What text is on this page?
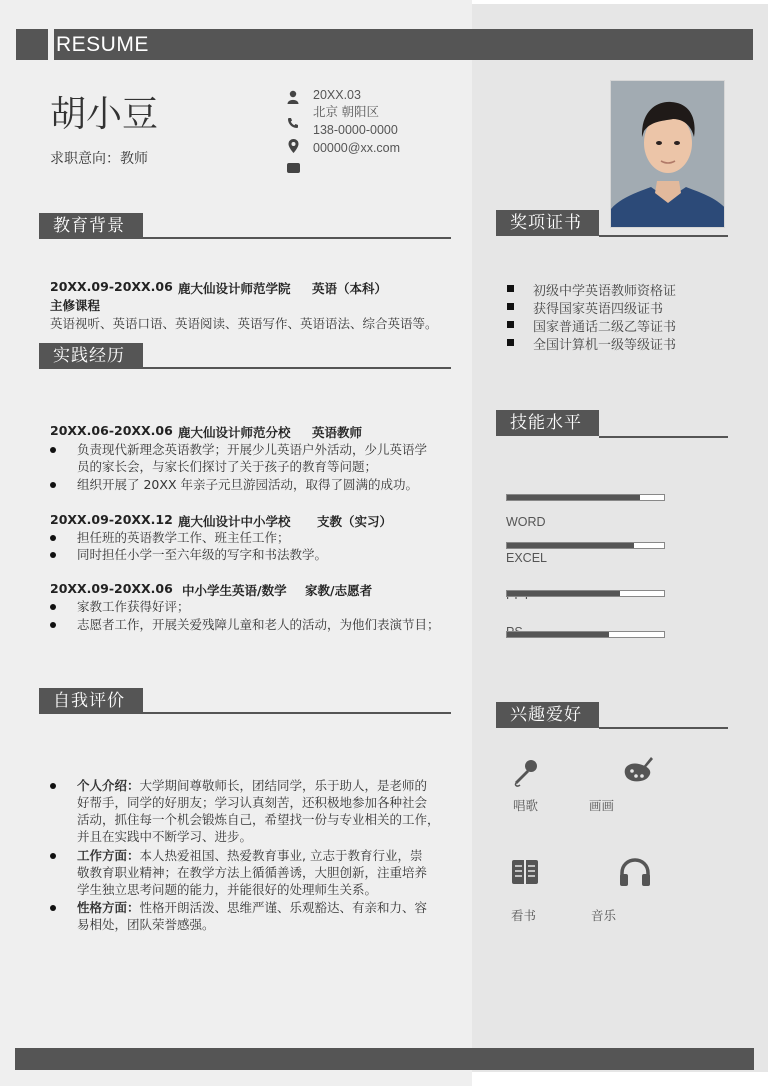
RESUME
胡小豆
求职意向：教师
20XX.03
北京 朝阳区
138-0000-0000
00000@xx.com
教育背景
20XX.09-20XX.06 鹿大仙设计师范学院 英语（本科）
主修课程
英语视听、英语口语、英语阅读、英语写作、英语语法、综合英语等。
实践经历
20XX.06-20XX.06 鹿大仙设计师范分校 英语教师
负责现代新理念英语教学；开展少儿英语户外活动，少儿英语学
员的家长会，与家长们探讨了关于孩子的教育等问题；
组织开展了 20XX 年亲子元旦游园活动，取得了圆满的成功。
20XX.09-20XX.12 鹿大仙设计中小学校 支教（实习）
担任班的英语教学工作、班主任工作；
同时担任小学一至六年级的写字和书法教学。
20XX.09-20XX.06 中小学生英语/数学 家教/志愿者
家教工作获得好评；
志愿者工作，开展关爱残障儿童和老人的活动，为他们表演节目；
自我评价
个人介绍：大学期间尊敬师长，团结同学，乐于助人，是老师的
好帮手，同学的好朋友；学习认真刻苦，还积极地参加各种社会
活动，抓住每一个机会锻炼自己，希望找一份与专业相关的工作，
并且在实践中不断学习、进步。
工作方面：本人热爱祖国、热爱教育事业, 立志于教育行业，崇
敬教育职业精神；在教学方法上循循善诱，大胆创新，注重培养
学生独立思考问题的能力，并能很好的处理师生关系。
性格方面：性格开朗活泼、思维严谨、乐观豁达、有亲和力、容
易相处，团队荣誉感强。
奖项证书
初级中学英语教师资格证
获得国家英语四级证书
国家普通话二级乙等证书
全国计算机一级等级证书
技能水平
WORD
EXCEL
兴趣爱好
唱歌	画画
看书	音乐
